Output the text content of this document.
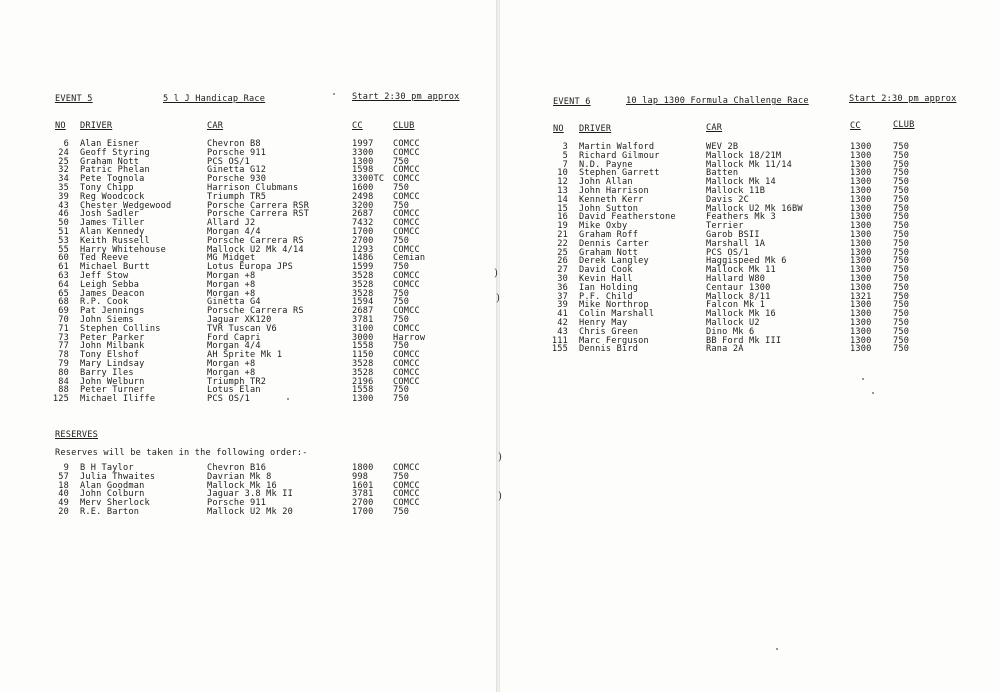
EVENT 5	5 l J Handicap Race	Start 2:30 pm approx
NO DRIVER	CAR	CC	CLUB
6 Alan Eisner	Chevron B8	1997 COMCC
24 Geoff Styring	Porsche 911	3300 COMCC
25 Graham Nott	PCS OS/1	1300 750
32 Patric Phelan	Ginetta G12	1598 COMCC
34 Pete Tognola	Porsche 930	3300TC COMCC
35 Tony Chipp	Harrison Clubmans	1600 750
39 Reg Woodcock	Triumph TR5	2498 COMCC
43 Chester Wedgewood	Porsche Carrera RSR	3200 750
46 Josh Sadler	Porsche Carrera RST	2687 COMCC
50 James Tiller	Allard J2	7432 COMCC
51 Alan Kennedy	Morgan 4/4	1700 COMCC
53 Keith Russell	Porsche Carrera RS	2700 750
55 Harry Whitehouse	Mallock U2 Mk 4/14	1293 COMCC
60 Ted Reeve	MG Midget	1486 Cemian
61 Michael Burtt	Lotus Europa JPS	1599 750
63 Jeff Stow	Morgan +8	3528 COMCC
64 Leigh Sebba	Morgan +8	3528 COMCC
65 James Deacon	Morgan +8	3528 750
68 R.P. Cook	Ginetta G4	1594 750
69 Pat Jennings	Porsche Carrera RS	2687 COMCC
70 John Siems	Jaguar XK120	3781 750
71 Stephen Collins	TVR Tuscan V6	3100 COMCC
73 Peter Parker	Ford Capri	3000 Harrow
77 John Milbank	Morgan 4/4	1558 750
78 Tony Elshof	AH Sprite Mk 1	1150 COMCC
79 Mary Lindsay	Morgan +8	3528 COMCC
80 Barry Iles	Morgan +8	3528 COMCC
84 John Welburn	Triumph TR2	2196 COMCC
88 Peter Turner	Lotus Elan	1558 750
125 Michael Iliffe	PCS OS/1	1300 750
RESERVES
Reserves will be taken in the following order:-
9 B H Taylor	Chevron B16	1800 COMCC
57 Julia Thwaites	Davrian Mk 8	998	750
18 Alan Goodman	Mallock Mk 16	1601 COMCC
40 John Colburn	Jaguar 3.8 Mk II	3781 COMCC
49 Merv Sherlock	Porsche 911	2700 COMCC
20 R.E. Barton	Mallock U2 Mk 20	1700 750
EVENT 6	10 lap 1300 Formula Challenge Race	Start 2:30 pm approx
NO DRIVER	CAR	CC	CLUB
3 Martin Walford	WEV 2B	1300	750
5 Richard Gilmour	Mallock 18/21M	1300	750
7 N.D. Payne	Mallock Mk 11/14	1300	750
10 Stephen Garrett	Batten	1300	750
12 John Allan	Mallock Mk 14	1300	750
13 John Harrison	Mallock 11B	1300	750
14 Kenneth Kerr	Davis 2C	1300	750
15 John Sutton	Mallock U2 Mk 16BW	1300	750
16 David Featherstone	Feathers Mk 3	1300	750
19 Mike Oxby	Terrier	1300	750
21 Graham Roff	Garob BSII	1300	750
22 Dennis Carter	Marshall 1A	1300	750
25 Graham Nott	PCS OS/1	1300	750
26 Derek Langley	Haggispeed Mk 6	1300	750
27 David Cook	Mallock Mk 11	1300	750
30 Kevin Hall	Hallard W80	1300	750
36 Ian Holding	Centaur 1300	1300	750
37 P.F. Child	Mallock 8/11	1321	750
39 Mike Northrop	Falcon Mk 1	1300	750
41 Colin Marshall	Mallock Mk 16	1300	750
42 Henry May	Mallock U2	1300	750
43 Chris Green	Dino Mk 6	1300	750
111 Marc Ferguson	BB Ford Mk III	1300	750
155 Dennis Bird	Rana 2A	1300	750
)
)
)
)
